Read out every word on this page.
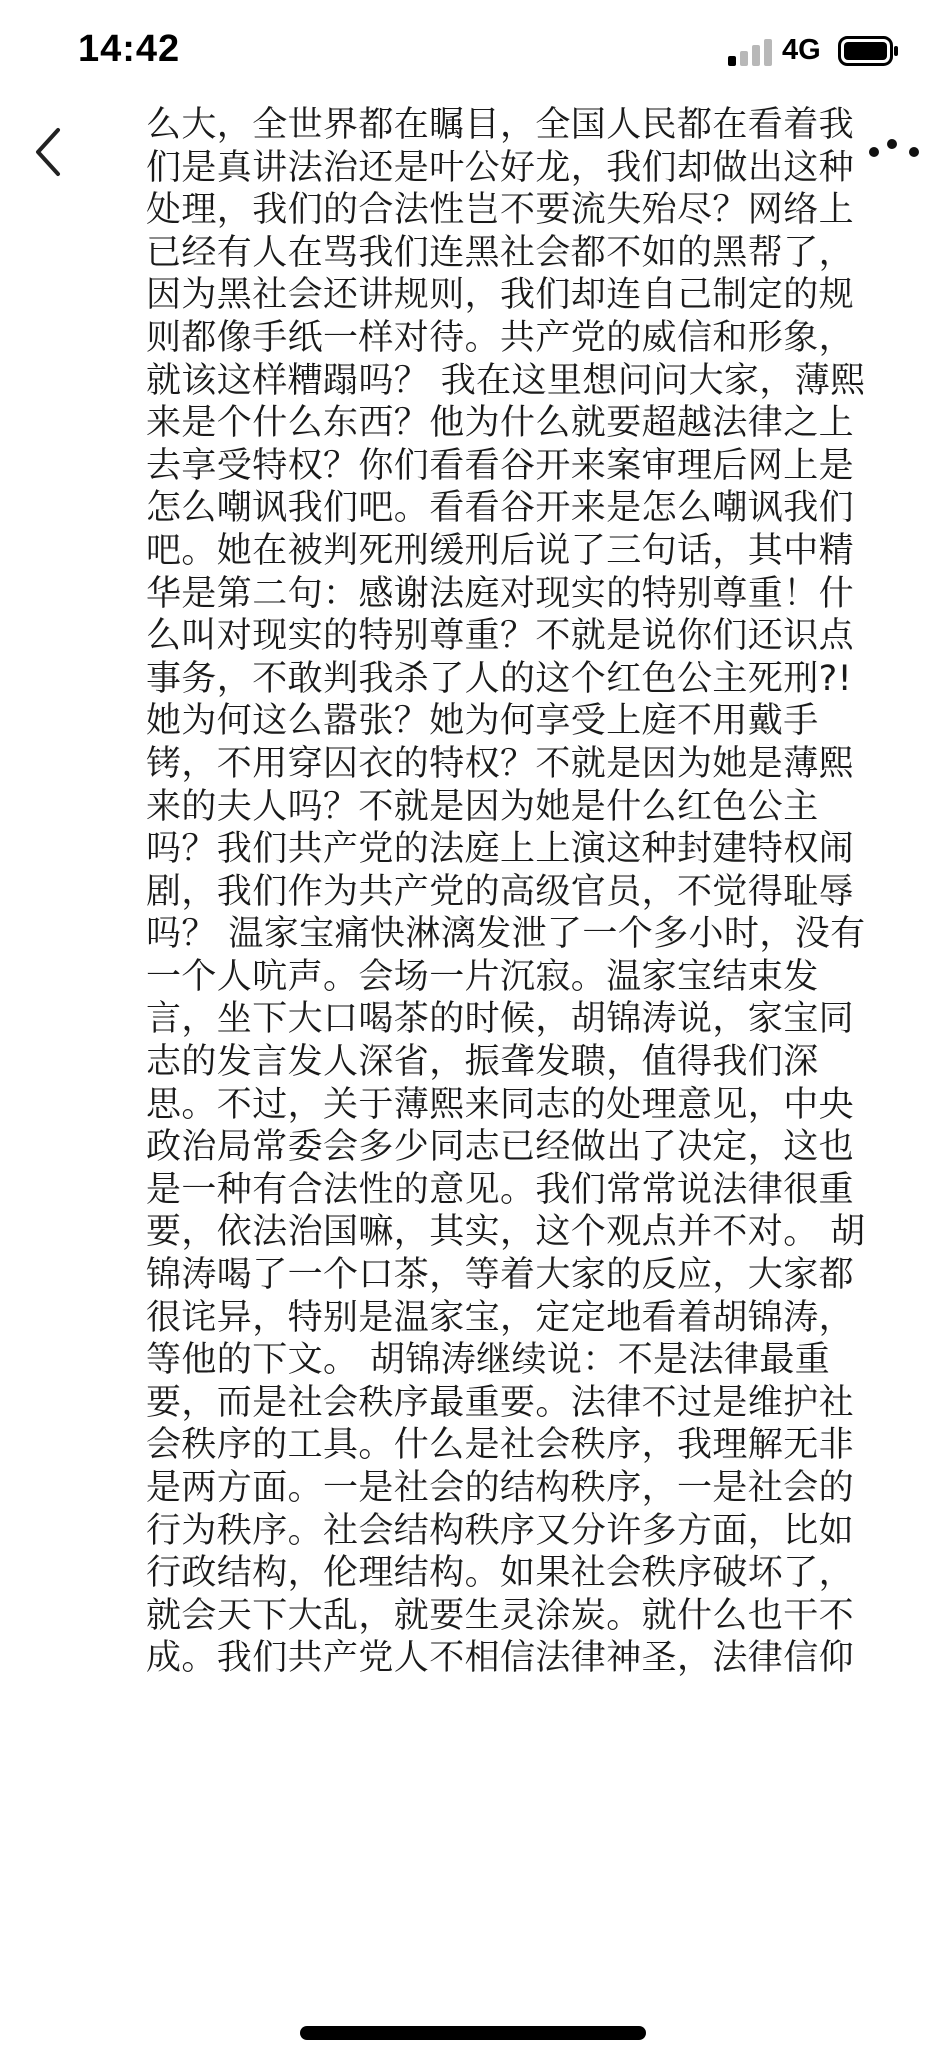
14:42	4G
么大，全世界都在瞩目，全国人民都在看着我
们是真讲法治还是叶公好龙，我们却做出这种
处理，我们的合法性岂不要流失殆尽？网络上
已经有人在骂我们连黑社会都不如的黑帮了，
因为黑社会还讲规则，我们却连自己制定的规
则都像手纸一样对待。共产党的威信和形象，
就该这样糟蹋吗？ 我在这里想问问大家，薄熙
来是个什么东西？他为什么就要超越法律之上
去享受特权？你们看看谷开来案审理后网上是
怎么嘲讽我们吧。看看谷开来是怎么嘲讽我们
吧。她在被判死刑缓刑后说了三句话，其中精
华是第二句：感谢法庭对现实的特别尊重！什
么叫对现实的特别尊重？不就是说你们还识点
事务，不敢判我杀了人的这个红色公主死刑?!
她为何这么嚣张？她为何享受上庭不用戴手
铐，不用穿囚衣的特权？不就是因为她是薄熙
来的夫人吗？不就是因为她是什么红色公主
吗？我们共产党的法庭上上演这种封建特权闹
剧，我们作为共产党的高级官员，不觉得耻辱
吗？ 温家宝痛快淋漓发泄了一个多小时，没有
一个人吭声。会场一片沉寂。温家宝结束发
言，坐下大口喝茶的时候，胡锦涛说，家宝同
志的发言发人深省，振聋发聩，值得我们深
思。不过，关于薄熙来同志的处理意见，中央
政治局常委会多少同志已经做出了决定，这也
是一种有合法性的意见。我们常常说法律很重
要，依法治国嘛，其实，这个观点并不对。 胡
锦涛喝了一个口茶，等着大家的反应，大家都
很诧异，特别是温家宝，定定地看着胡锦涛，
等他的下文。 胡锦涛继续说：不是法律最重
要，而是社会秩序最重要。法律不过是维护社
会秩序的工具。什么是社会秩序，我理解无非
是两方面。一是社会的结构秩序，一是社会的
行为秩序。社会结构秩序又分许多方面，比如
行政结构，伦理结构。如果社会秩序破坏了，
就会天下大乱，就要生灵涂炭。就什么也干不
成。我们共产党人不相信法律神圣，法律信仰
